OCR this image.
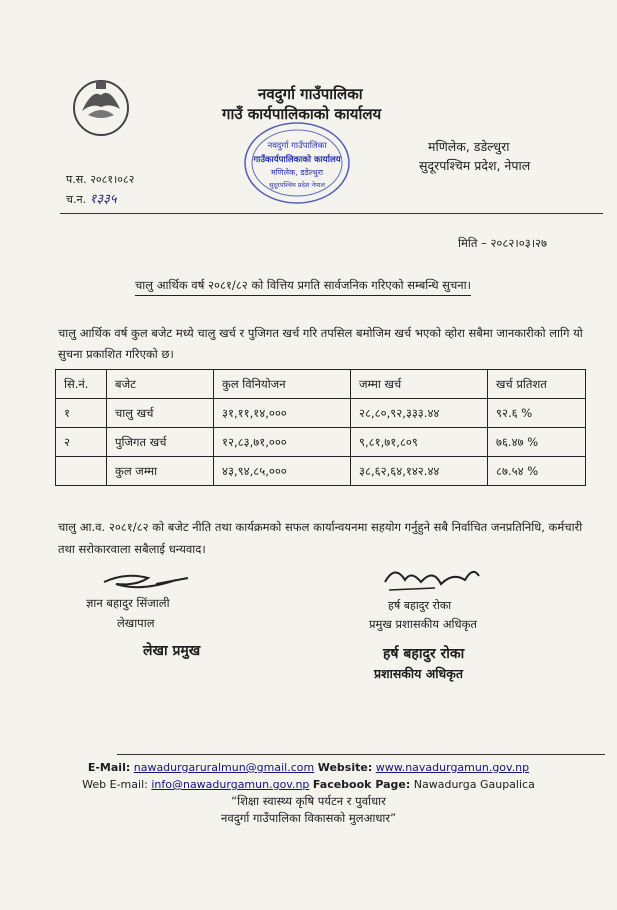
नवदुर्गा गाउँपालिका
गाउँ कार्यपालिकाको कार्यालय
मणिलेक, डडेल्धुरा
सुदूरपश्चिम प्रदेश, नेपाल
नवदुर्गा गाउँपालिका
गाउँकार्यपालिकाको कार्यालय
मणिलेक, डडेल्धुरा
सुदूरपश्चिम प्रदेश नेपाल
प.स. २०८१।०८२
च.न. १३३५
मिति – २०८२।०३।२७
चालु आर्थिक वर्ष २०८१/८२ को वित्तिय प्रगति सार्वजनिक गरिएको सम्बन्धि सुचना।
चालु आर्थिक वर्ष कुल बजेट मध्ये चालु खर्च र पुजिगत खर्च गरि तपसिल बमोजिम खर्च भएको व्होरा सबैमा जानकारीको लागि यो सुचना प्रकाशित गरिएको छ।
सि.नं.	बजेट	कुल विनियोजन	जम्मा खर्च	खर्च प्रतिशत
१	चालु खर्च	३१,११,१४,०००	२८,८०,९२,३३३.४४	९२.६ %
२	पुजिगत खर्च	१२,८३,७१,०००	९,८१,७१,८०९	७६.४७ %
	कुल जम्मा	४३,९४,८५,०००	३८,६२,६४,१४२.४४	८७.५४ %
चालु आ.व. २०८१/८२ को बजेट नीति तथा कार्यक्रमको सफल कार्यान्वयनमा सहयोग गर्नुहुने सबै निर्वाचित जनप्रतिनिधि, कर्मचारी तथा सरोकारवाला सबैलाई धन्यवाद।
ज्ञान बहादुर सिंजाली
लेखापाल
लेखा प्रमुख
हर्ष बहादुर रोका
प्रमुख प्रशासकीय अधिकृत
हर्ष बहादुर रोका
प्रशासकीय अधिकृत
E-Mail: nawadurgaruralmun@gmail.com Website: www.navadurgamun.gov.np
Web E-mail: info@nawadurgamun.gov.np Facebook Page: Nawadurga Gaupalica
“शिक्षा स्वास्थ्य कृषि पर्यटन र पुर्वाधार
नवदुर्गा गाउँपालिका विकासको मुलआधार”
